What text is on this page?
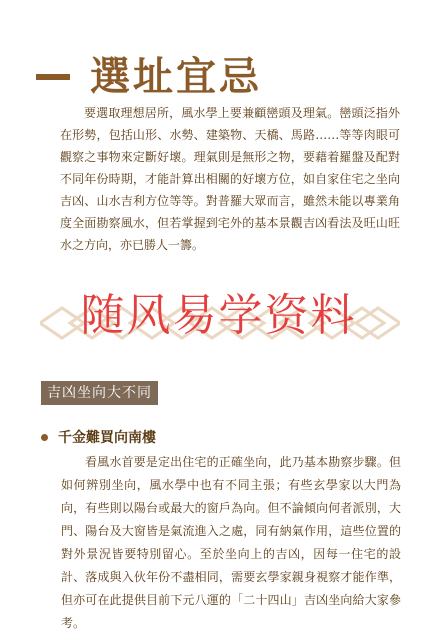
選址宜忌
要選取理想居所，風水學上要兼顧巒頭及理氣。巒頭泛指外在形勢，包括山形、水勢、建築物、天橋、馬路……等等肉眼可觀察之事物來定斷好壞。理氣則是無形之物，要藉着羅盤及配對不同年份時期，才能計算出相關的好壞方位，如自家住宅之坐向吉凶、山水吉利方位等等。對普羅大眾而言，雖然未能以專業角度全面勘察風水，但若掌握到宅外的基本景觀吉凶看法及旺山旺水之方向，亦已勝人一籌。
随风易学资料
吉凶坐向大不同
千金難買向南樓
看風水首要是定出住宅的正確坐向，此乃基本勘察步驟。但如何辨別坐向，風水學中也有不同主張；有些玄學家以大門為向，有些則以陽台或最大的窗戶為向。但不論傾向何者派別，大門、陽台及大窗皆是氣流進入之處，同有納氣作用，這些位置的對外景況皆要特別留心。至於坐向上的吉凶，因每一住宅的設計、落成與入伙年份不盡相同，需要玄學家親身視察才能作準，但亦可在此提供目前下元八運的「二十四山」吉凶坐向給大家參考。
